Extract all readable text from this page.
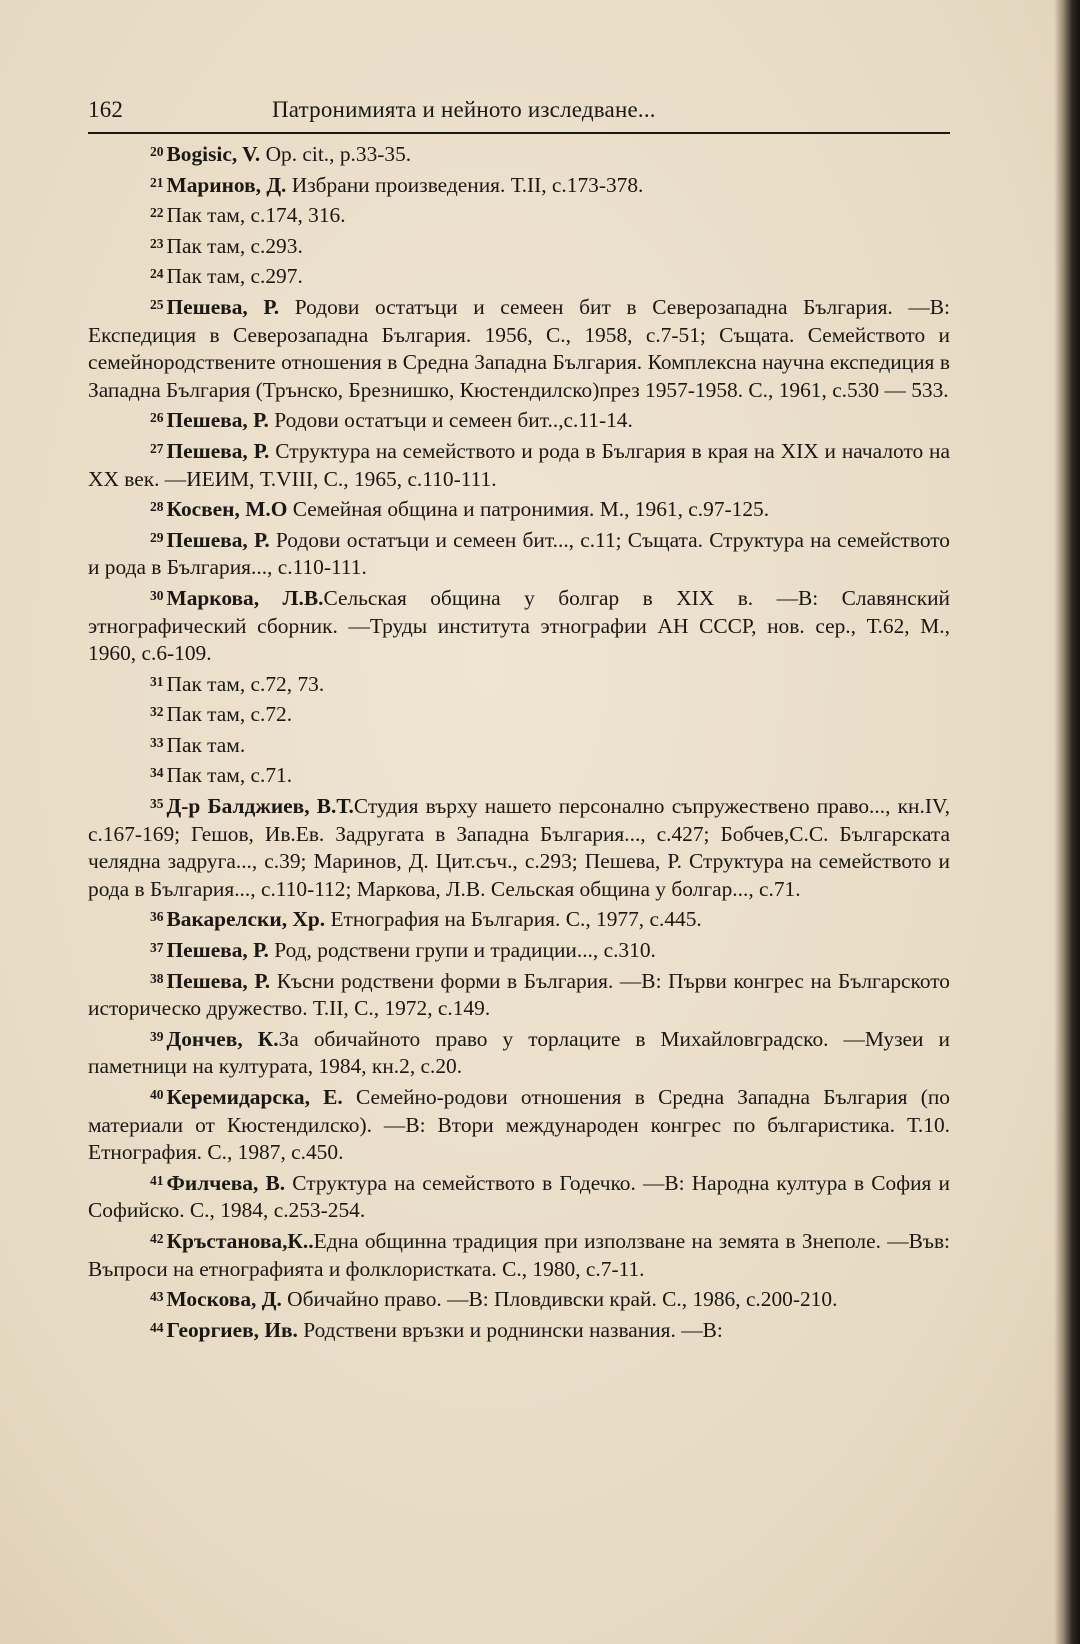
162	Патронимията и нейното изследване...

$^{20}$ Bogisic, V. Op. cit., p.33-35.

$^{21}$ Маринов, Д. Избрани произведения. Т.II, с.173-378.

$^{22}$ Пак там, с.174, 316.

$^{23}$ Пак там, с.293.

$^{24}$ Пак там, с.297.

$^{25}$ Пешева, Р. Родови остатъци и семеен бит в Северозападна България. —В: Експедиция в Северозападна България. 1956, С., 1958, с.7-51; Същата. Семейството и семейнородствените отношения в Средна Западна България. Комплексна научна експедиция в Западна България (Трънско, Брезнишко, Кюстендилско)през 1957-1958. С., 1961, с.530 — 533.

$^{26}$ Пешева, Р. Родови остатъци и семеен бит..,с.11-14.

$^{27}$ Пешева, Р. Структура на семейството и рода в България в края на XIX и началото на XX век. —ИЕИМ, Т.VIII, С., 1965, с.110-111.

$^{28}$ Косвен, М.О Семейная община и патронимия. М., 1961, с.97-125.

$^{29}$ Пешева, Р. Родови остатъци и семеен бит..., с.11; Същата. Структура на семейството и рода в България..., с.110-111.

$^{30}$ Маркова, Л.В.Сельская община у болгар в XIX в. —В: Славянский этнографический сборник. —Труды института этнографии АН СССР, нов. сер., Т.62, М., 1960, с.6-109.

$^{31}$ Пак там, с.72, 73.

$^{32}$ Пак там, с.72.

$^{33}$ Пак там.

$^{34}$ Пак там, с.71.

$^{35}$ Д-р Балджиев, В.Т.Студия върху нашето персонално съпружествено право..., кн.IV, с.167-169; Гешов, Ив.Ев. Задругата в Западна България..., с.427; Бобчев,С.С. Българската челядна задруга..., с.39; Маринов, Д. Цит.съч., с.293; Пешева, Р. Структура на семейството и рода в България..., с.110-112; Маркова, Л.В. Сельская община у болгар..., с.71.

$^{36}$ Вакарелски, Хр. Етнография на България. С., 1977, с.445.

$^{37}$ Пешева, Р. Род, родствени групи и традиции..., с.310.

$^{38}$ Пешева, Р. Късни родствени форми в България. —В: Първи конгрес на Българското историческо дружество. Т.II, С., 1972, с.149.

$^{39}$ Дончев, К.За обичайното право у торлаците в Михайловградско. —Музеи и паметници на културата, 1984, кн.2, с.20.

$^{40}$ Керемидарска, Е. Семейно-родови отношения в Средна Западна България (по материали от Кюстендилско). —В: Втори международен конгрес по българистика. Т.10. Етнография. С., 1987, с.450.

$^{41}$ Филчева, В. Структура на семейството в Годечко. —В: Народна култура в София и Софийско. С., 1984, с.253-254.

$^{42}$ Кръстанова,К..Една общинна традиция при използване на земята в Знеполе. —Във: Въпроси на етнографията и фолклористката. С., 1980, с.7-11.

$^{43}$ Москова, Д. Обичайно право. —В: Пловдивски край. С., 1986, с.200-210.

$^{44}$ Георгиев, Ив. Родствени връзки и роднински названия. —В:
